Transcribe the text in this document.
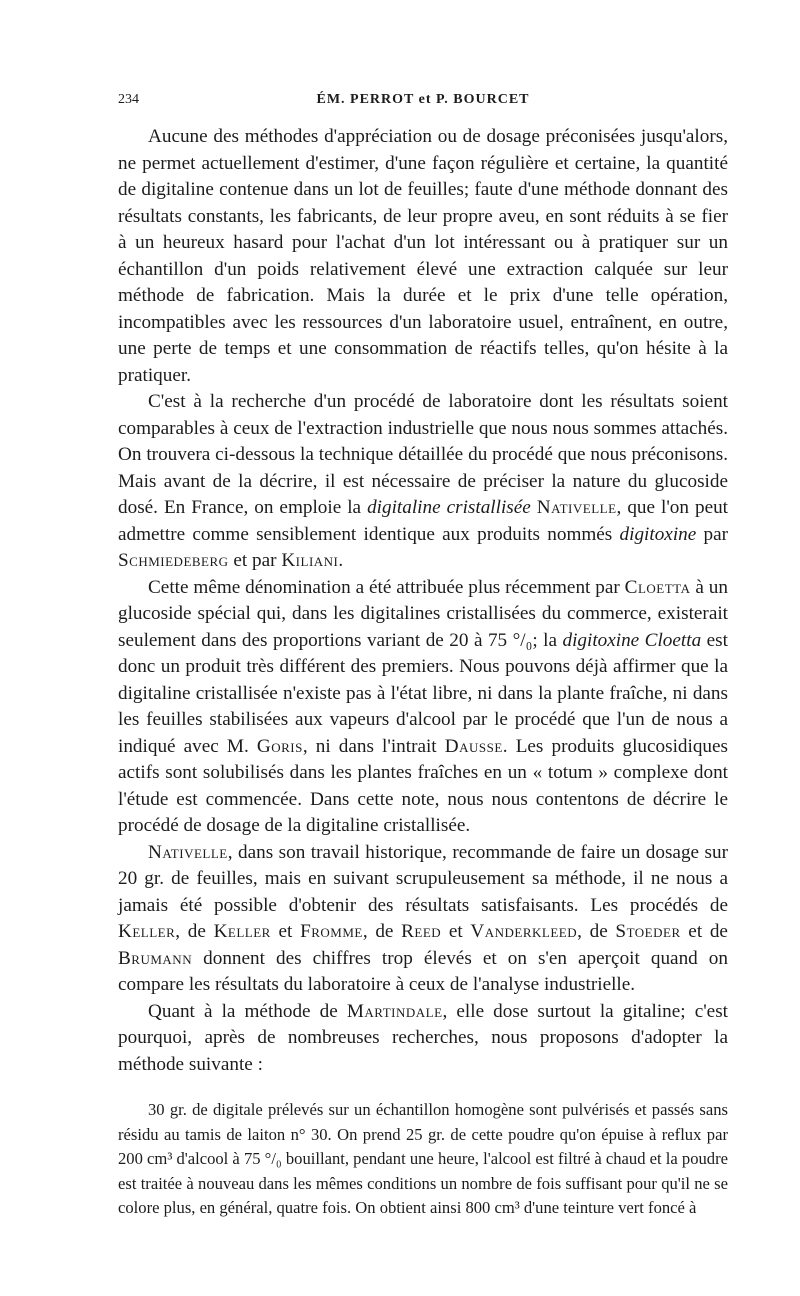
234	ÉM. PERROT et P. BOURCET

Aucune des méthodes d'appréciation ou de dosage préconisées jusqu'alors, ne permet actuellement d'estimer, d'une façon régulière et certaine, la quantité de digitaline contenue dans un lot de feuilles; faute d'une méthode donnant des résultats constants, les fabricants, de leur propre aveu, en sont réduits à se fier à un heureux hasard pour l'achat d'un lot intéressant ou à pratiquer sur un échantillon d'un poids relativement élevé une extraction calquée sur leur méthode de fabrication. Mais la durée et le prix d'une telle opération, incompatibles avec les ressources d'un laboratoire usuel, entraînent, en outre, une perte de temps et une consommation de réactifs telles, qu'on hésite à la pratiquer.

C'est à la recherche d'un procédé de laboratoire dont les résultats soient comparables à ceux de l'extraction industrielle que nous nous sommes attachés. On trouvera ci-dessous la technique détaillée du procédé que nous préconisons. Mais avant de la décrire, il est nécessaire de préciser la nature du glucoside dosé. En France, on emploie la digitaline cristallisée Nativelle, que l'on peut admettre comme sensiblement identique aux produits nommés digitoxine par Schmiedeberg et par Kiliani.

Cette même dénomination a été attribuée plus récemment par Cloetta à un glucoside spécial qui, dans les digitalines cristallisées du commerce, existerait seulement dans des proportions variant de 20 à 75 °/₀; la digitoxine Cloetta est donc un produit très différent des premiers. Nous pouvons déjà affirmer que la digitaline cristallisée n'existe pas à l'état libre, ni dans la plante fraîche, ni dans les feuilles stabilisées aux vapeurs d'alcool par le procédé que l'un de nous a indiqué avec M. Goris, ni dans l'intrait Dausse. Les produits glucosidiques actifs sont solubilisés dans les plantes fraîches en un « totum » complexe dont l'étude est commencée. Dans cette note, nous nous contentons de décrire le procédé de dosage de la digitaline cristallisée.

Nativelle, dans son travail historique, recommande de faire un dosage sur 20 gr. de feuilles, mais en suivant scrupuleusement sa méthode, il ne nous a jamais été possible d'obtenir des résultats satisfaisants. Les procédés de Keller, de Keller et Fromme, de Reed et Vanderkleed, de Stoeder et de Brumann donnent des chiffres trop élevés et on s'en aperçoit quand on compare les résultats du laboratoire à ceux de l'analyse industrielle.

Quant à la méthode de Martindale, elle dose surtout la gitaline; c'est pourquoi, après de nombreuses recherches, nous proposons d'adopter la méthode suivante :

30 gr. de digitale prélevés sur un échantillon homogène sont pulvérisés et passés sans résidu au tamis de laiton n° 30. On prend 25 gr. de cette poudre qu'on épuise à reflux par 200 cm³ d'alcool à 75 °/₀ bouillant, pendant une heure, l'alcool est filtré à chaud et la poudre est traitée à nouveau dans les mêmes conditions un nombre de fois suffisant pour qu'il ne se colore plus, en général, quatre fois. On obtient ainsi 800 cm³ d'une teinture vert foncé à
